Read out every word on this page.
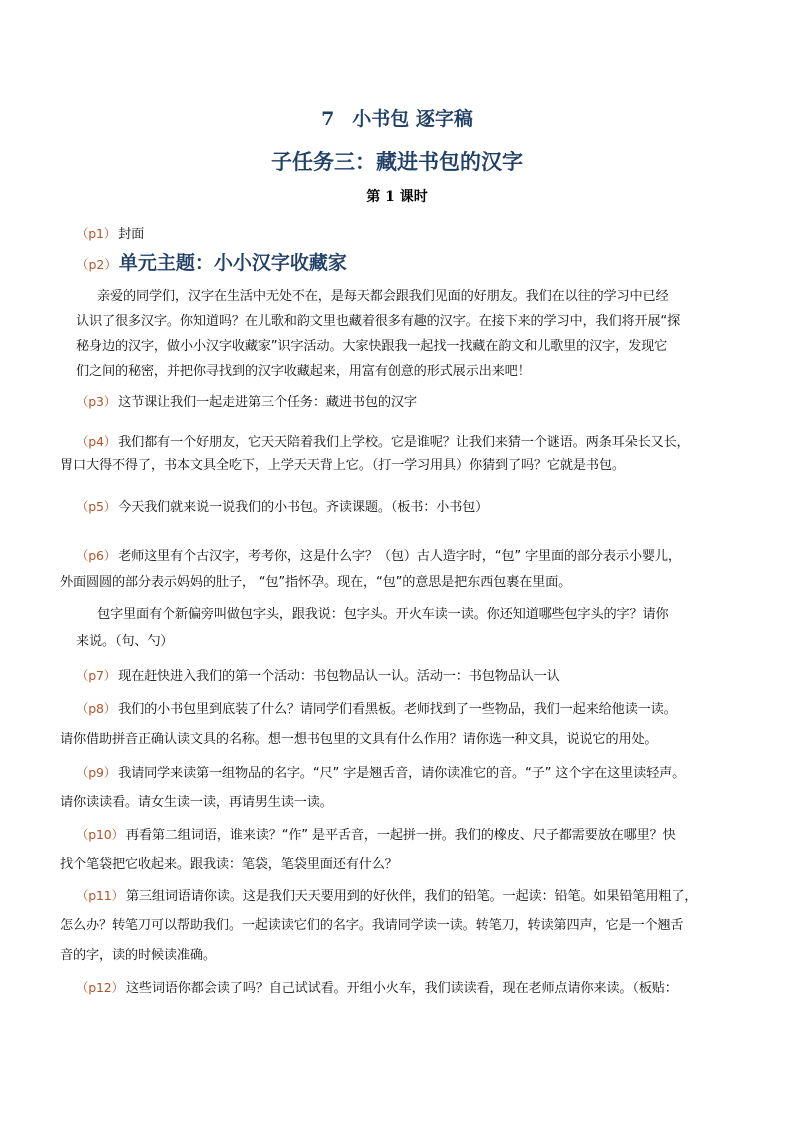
7 小书包 逐字稿
子任务三：藏进书包的汉字
第 1 课时
（p1） 封面
（p2） 单元主题：小小汉字收藏家
亲爱的同学们，汉字在生活中无处不在，是每天都会跟我们见面的好朋友。我们在以往的学习中已经
认识了很多汉字。你知道吗？在儿歌和韵文里也藏着很多有趣的汉字。在接下来的学习中，我们将开展“探
秘身边的汉字，做小小汉字收藏家”识字活动。大家快跟我一起找一找藏在韵文和儿歌里的汉字，发现它
们之间的秘密，并把你寻找到的汉字收藏起来，用富有创意的形式展示出来吧！
（p3） 这节课让我们一起走进第三个任务：藏进书包的汉字
（p4） 我们都有一个好朋友，它天天陪着我们上学校。它是谁呢？让我们来猜一个谜语。两条耳朵长又长，
胃口大得不得了，书本文具全吃下，上学天天背上它。（打一学习用具）你猜到了吗？它就是书包。
（p5） 今天我们就来说一说我们的小书包。齐读课题。（板书：小书包）
（p6） 老师这里有个古汉字，考考你，这是什么字？（包）古人造字时，“包” 字里面的部分表示小婴儿，
外面圆圆的部分表示妈妈的肚子， “包”指怀孕。现在，“包”的意思是把东西包裹在里面。
包字里面有个新偏旁叫做包字头，跟我说：包字头。开火车读一读。你还知道哪些包字头的字？请你
来说。（句、勺）
（p7） 现在赶快进入我们的第一个活动：书包物品认一认。活动一：书包物品认一认
（p8） 我们的小书包里到底装了什么？请同学们看黑板。老师找到了一些物品，我们一起来给他读一读。
请你借助拼音正确认读文具的名称。想一想书包里的文具有什么作用？请你选一种文具，说说它的用处。
（p9） 我请同学来读第一组物品的名字。“尺” 字是翘舌音，请你读准它的音。“子” 这个字在这里读轻声。
请你读读看。请女生读一读，再请男生读一读。
（p10） 再看第二组词语，谁来读？“作” 是平舌音，一起拼一拼。我们的橡皮、尺子都需要放在哪里？快
找个笔袋把它收起来。跟我读：笔袋，笔袋里面还有什么？
（p11） 第三组词语请你读。这是我们天天要用到的好伙伴，我们的铅笔。一起读：铅笔。如果铅笔用粗了，
怎么办？转笔刀可以帮助我们。一起读读它们的名字。我请同学读一读。转笔刀，转读第四声，它是一个翘舌
音的字，读的时候读准确。
（p12） 这些词语你都会读了吗？自己试试看。开组小火车，我们读读看，现在老师点请你来读。（板贴：
